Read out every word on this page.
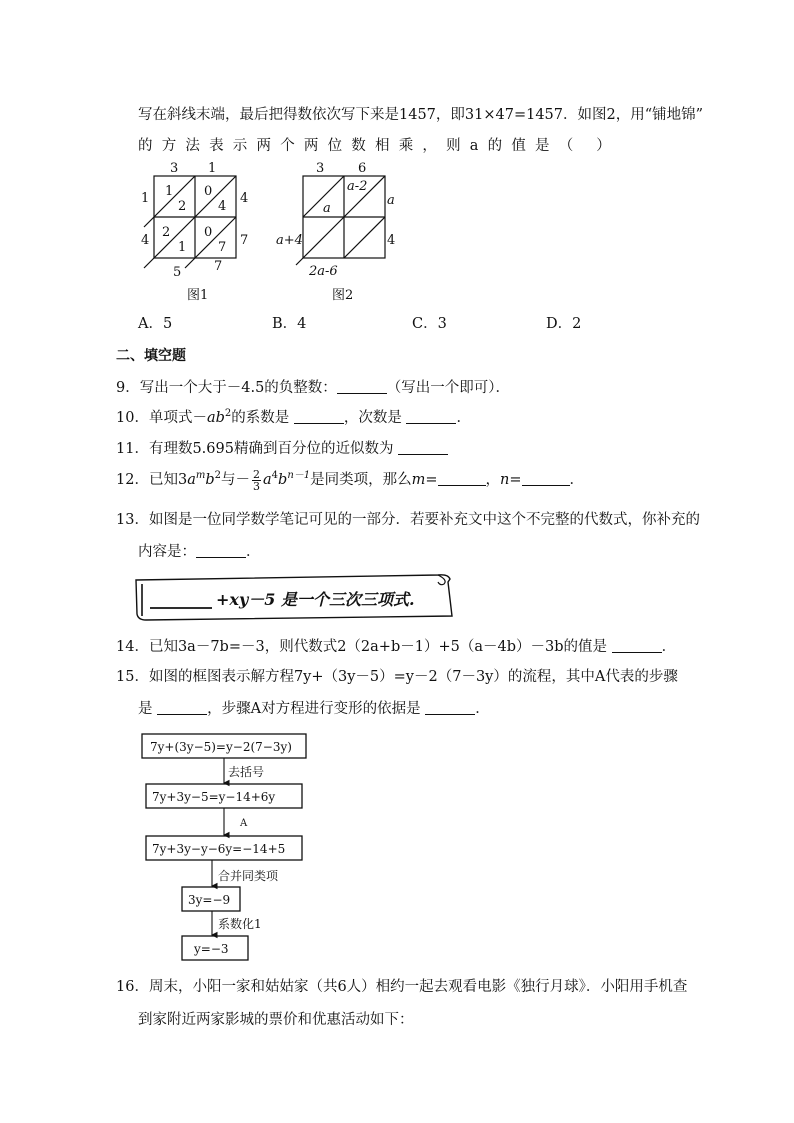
写在斜线末端，最后把得数依次写下来是1457，即31×47=1457．如图2，用“铺地锦”
的方法表示两个两位数相乘，则a的值是（ ）
3 1
1
4
4
7
5	7
1
2
0
4
2
1
0
7
图1
3	6
a-2
a
a
4
a+4
2a-6
图2
A．5	B．4	C．3	D．2
二、填空题
9．写出一个大于－4.5的负整数：	（写出一个即可）．
10．单项式$-ab^2$的系数是	，次数是	．
11．有理数5.695精确到百分位的近似数为
12．已知$3a^mb^2$与－ $\frac{2}{3} a^4b^{n-1}$是同类项，那么m=	，n=	．
13．如图是一位同学数学笔记可见的一部分．若要补充文中这个不完整的代数式，你补充的
内容是：	．
+xy－5 是一个三次三项式.
14．已知3a－7b=－3，则代数式2（2a+b－1）+5（a－4b）－3b的值是	．
15．如图的框图表示解方程7y+（3y－5）=y－2（7－3y）的流程，其中A代表的步骤
是	，步骤A对方程进行变形的依据是	．
7y+(3y−5)=y−2(7−3y)
去括号
7y+3y−5=y−14+6y
A
7y+3y−y−6y=−14+5
合并同类项
3y=−9
系数化1
y=−3
16．周末，小阳一家和姑姑家（共6人）相约一起去观看电影《独行月球》．小阳用手机查
到家附近两家影城的票价和优惠活动如下：
